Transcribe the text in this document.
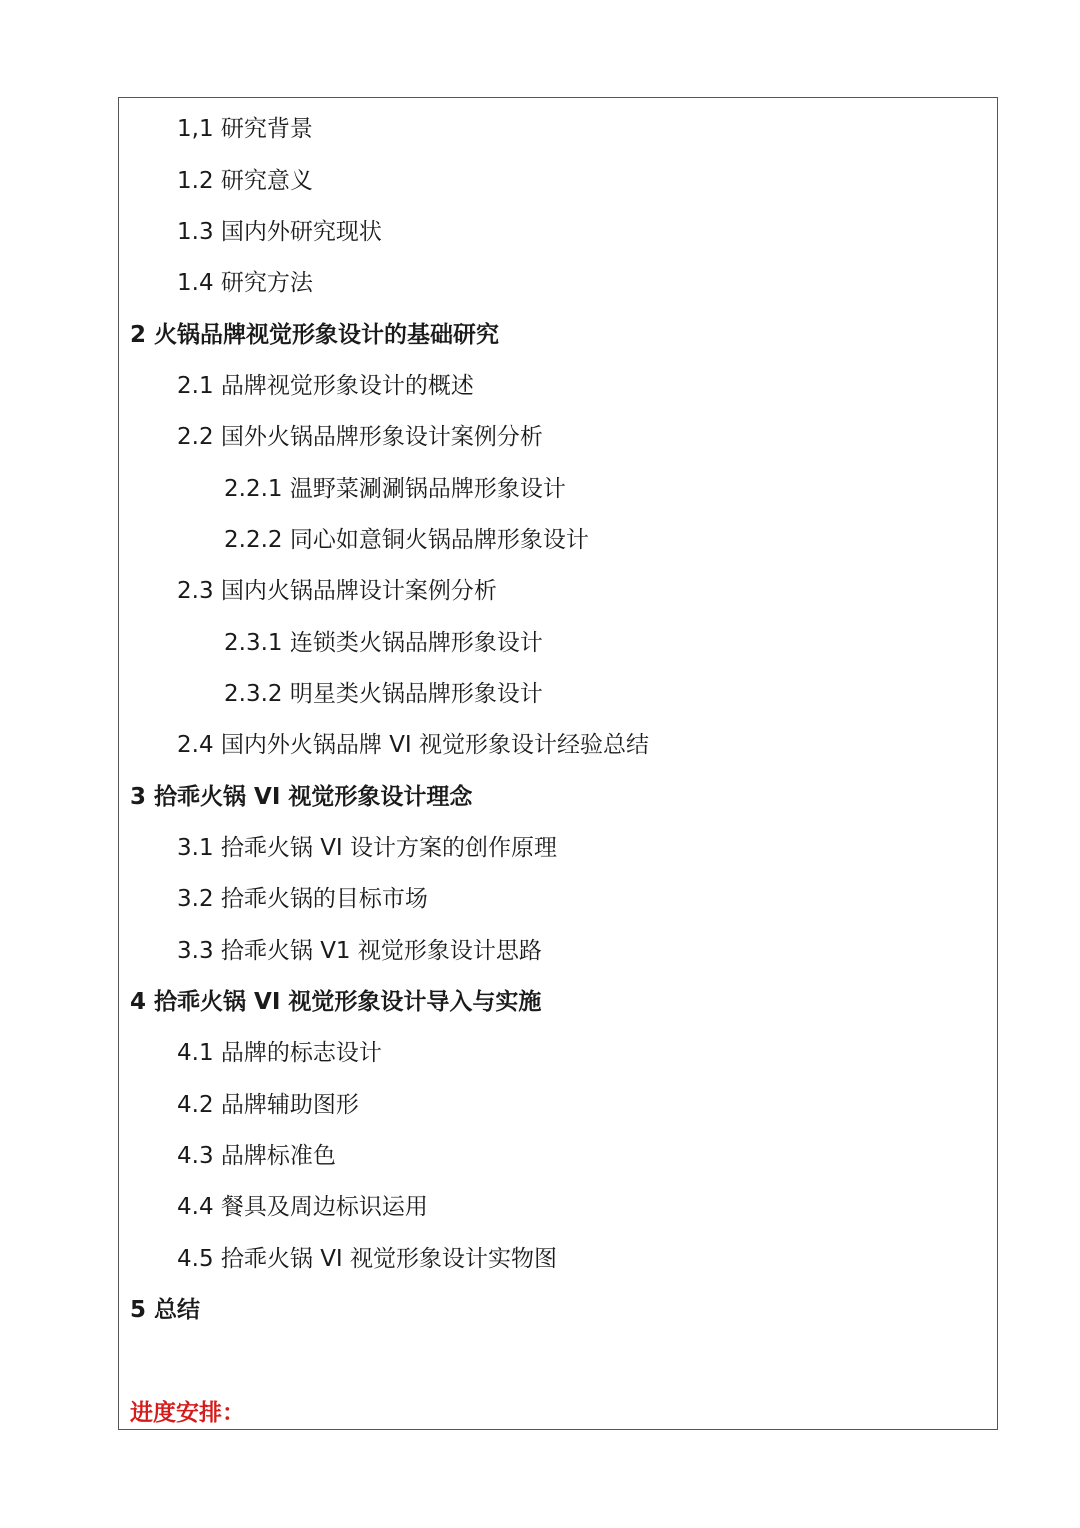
1,1 研究背景
1.2 研究意义
1.3 国内外研究现状
1.4 研究方法
2 火锅品牌视觉形象设计的基础研究
2.1 品牌视觉形象设计的概述
2.2 国外火锅品牌形象设计案例分析
2.2.1 温野菜涮涮锅品牌形象设计
2.2.2 同心如意铜火锅品牌形象设计
2.3 国内火锅品牌设计案例分析
2.3.1 连锁类火锅品牌形象设计
2.3.2 明星类火锅品牌形象设计
2.4 国内外火锅品牌 VI 视觉形象设计经验总结
3 拾乖火锅 VI 视觉形象设计理念
3.1 拾乖火锅 VI 设计方案的创作原理
3.2 拾乖火锅的目标市场
3.3 拾乖火锅 V1 视觉形象设计思路
4 拾乖火锅 VI 视觉形象设计导入与实施
4.1 品牌的标志设计
4.2 品牌辅助图形
4.3 品牌标准色
4.4 餐具及周边标识运用
4.5 拾乖火锅 VI 视觉形象设计实物图
5 总结
进度安排：
